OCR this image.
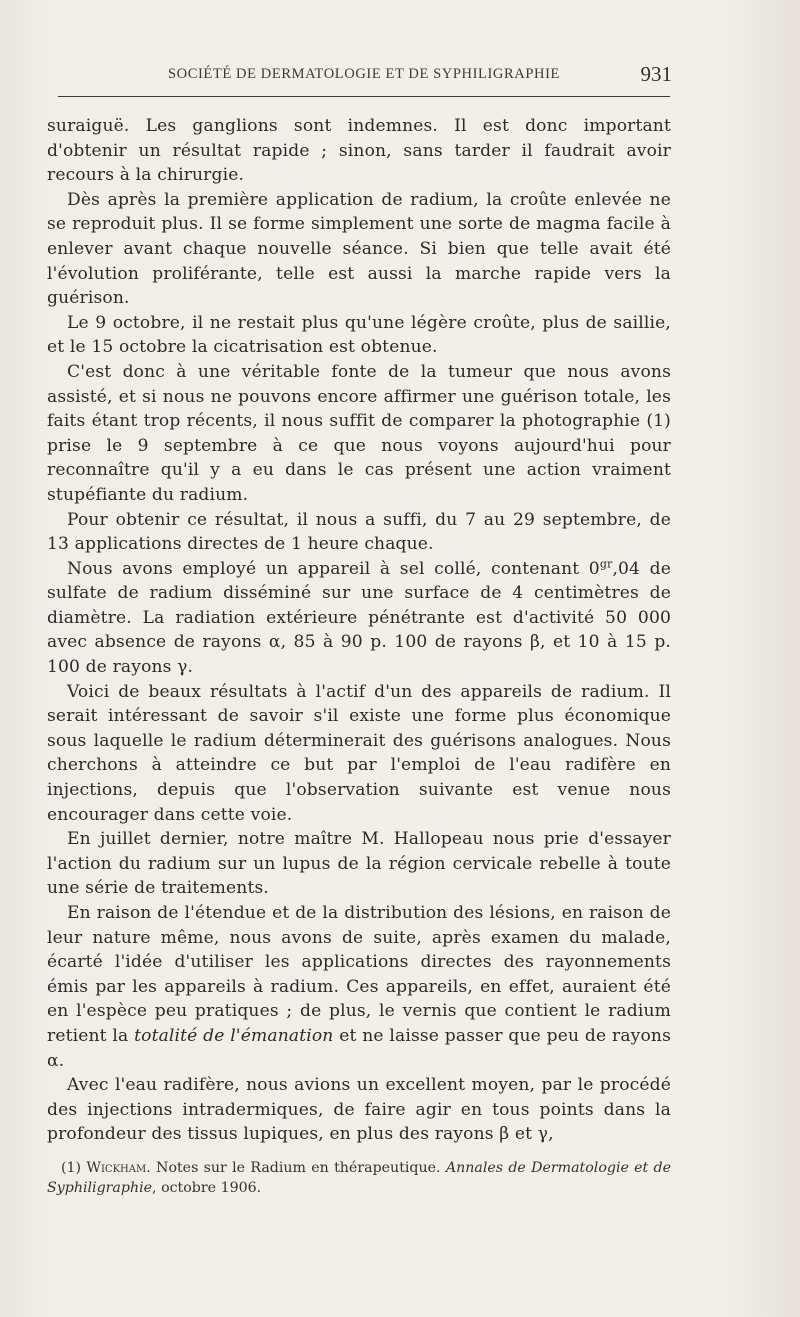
SOCIÉTÉ DE DERMATOLOGIE ET DE SYPHILIGRAPHIE	931

suraiguë. Les ganglions sont indemnes. Il est donc important d'obtenir un résultat rapide ; sinon, sans tarder il faudrait avoir recours à la chirurgie.

Dès après la première application de radium, la croûte enlevée ne se reproduit plus. Il se forme simplement une sorte de magma facile à enlever avant chaque nouvelle séance. Si bien que telle avait été l'évolution proliférante, telle est aussi la marche rapide vers la guérison.

Le 9 octobre, il ne restait plus qu'une légère croûte, plus de saillie, et le 15 octobre la cicatrisation est obtenue.

C'est donc à une véritable fonte de la tumeur que nous avons assisté, et si nous ne pouvons encore affirmer une guérison totale, les faits étant trop récents, il nous suffit de comparer la photographie (1) prise le 9 septembre à ce que nous voyons aujourd'hui pour reconnaître qu'il y a eu dans le cas présent une action vraiment stupéfiante du radium.

Pour obtenir ce résultat, il nous a suffi, du 7 au 29 septembre, de 13 applications directes de 1 heure chaque.

Nous avons employé un appareil à sel collé, contenant $0^{gr},04$ de sulfate de radium disséminé sur une surface de 4 centimètres de diamètre. La radiation extérieure pénétrante est d'activité 50 000 avec absence de rayons α, 85 à 90 p. 100 de rayons β, et 10 à 15 p. 100 de rayons γ.

Voici de beaux résultats à l'actif d'un des appareils de radium. Il serait intéressant de savoir s'il existe une forme plus économique sous laquelle le radium déterminerait des guérisons analogues. Nous cherchons à atteindre ce but par l'emploi de l'eau radifère en injections, depuis que l'observation suivante est venue nous encourager dans cette voie.

En juillet dernier, notre maître M. Hallopeau nous prie d'essayer l'action du radium sur un lupus de la région cervicale rebelle à toute une série de traitements.

En raison de l'étendue et de la distribution des lésions, en raison de leur nature même, nous avons de suite, après examen du malade, écarté l'idée d'utiliser les applications directes des rayonnements émis par les appareils à radium. Ces appareils, en effet, auraient été en l'espèce peu pratiques ; de plus, le vernis que contient le radium retient la totalité de l'émanation et ne laisse passer que peu de rayons α.

Avec l'eau radifère, nous avions un excellent moyen, par le procédé des injections intradermiques, de faire agir en tous points dans la profondeur des tissus lupiques, en plus des rayons β et γ,

(1) Wickham. Notes sur le Radium en thérapeutique. Annales de Dermatologie et de Syphiligraphie, octobre 1906.
